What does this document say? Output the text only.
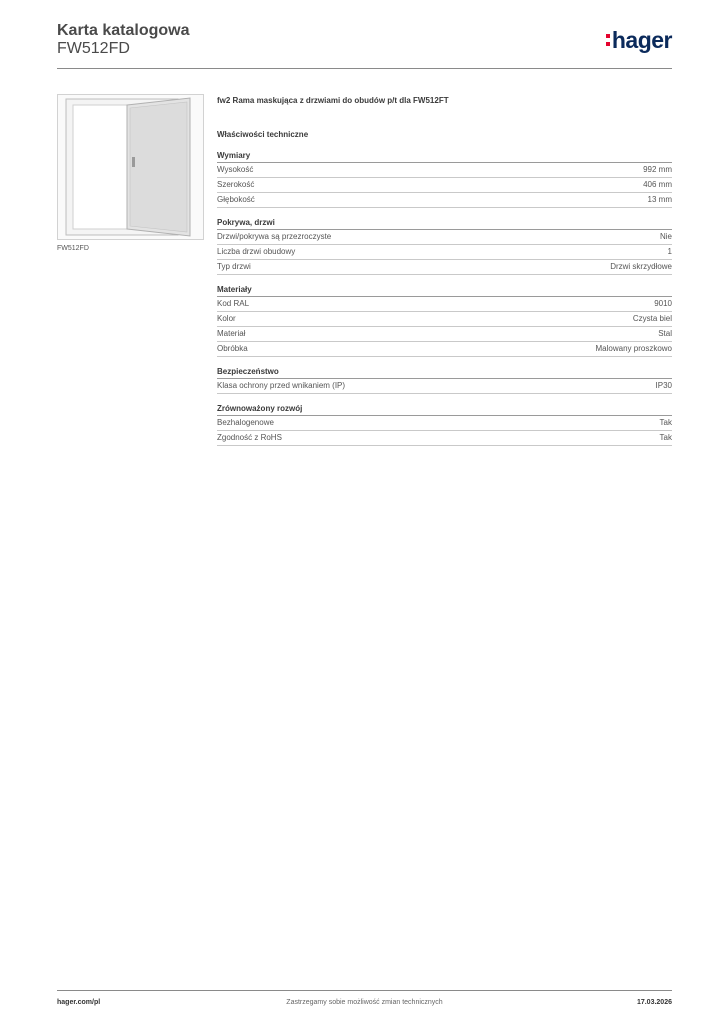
Karta katalogowa
FW512FD	hager
FW512FD
fw2 Rama maskująca z drzwiami do obudów p/t dla FW512FT
Właściwości techniczne
Wymiary
Wysokość	992 mm
Szerokość	406 mm
Głębokość	13 mm
Pokrywa, drzwi
Drzwi/pokrywa są przezroczyste	Nie
Liczba drzwi obudowy	1
Typ drzwi	Drzwi skrzydłowe
Materiały
Kod RAL	9010
Kolor	Czysta biel
Materiał	Stal
Obróbka	Malowany proszkowo
Bezpieczeństwo
Klasa ochrony przed wnikaniem (IP)	IP30
Zrównoważony rozwój
Bezhalogenowe	Tak
Zgodność z RoHS	Tak
hager.com/pl	Zastrzegamy sobie możliwość zmian technicznych	17.03.2026
